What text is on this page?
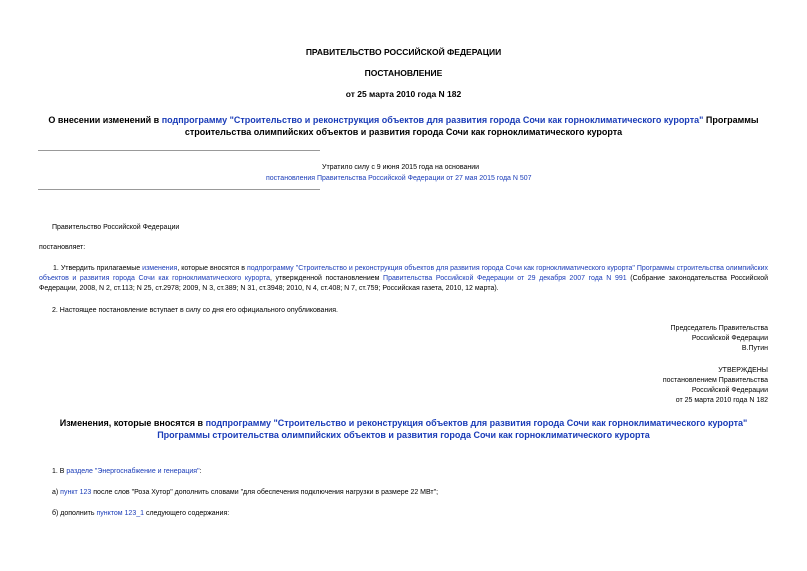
ПРАВИТЕЛЬСТВО РОССИЙСКОЙ ФЕДЕРАЦИИ
ПОСТАНОВЛЕНИЕ
от 25 марта 2010 года N 182
О внесении изменений в подпрограмму "Строительство и реконструкция объектов для развития города Сочи как горноклиматического курорта" Программы
строительства олимпийских объектов и развития города Сочи как горноклиматического курорта
Утратило силу с 9 июня 2015 года на основании
постановления Правительства Российской Федерации от 27 мая 2015 года N 507
Правительство Российской Федерации
постановляет:
1. Утвердить прилагаемые изменения, которые вносятся в подпрограмму "Строительство и реконструкция объектов для развития города Сочи как горноклиматического курорта" Программы строительства олимпийских объектов и развития города Сочи как горноклиматического курорта, утвержденной постановлением Правительства Российской Федерации от 29 декабря 2007 года N 991 (Собрание законодательства Российской Федерации, 2008, N 2, ст.113; N 25, ст.2978; 2009, N 3, ст.389; N 31, ст.3948; 2010, N 4, ст.408; N 7, ст.759; Российская газета, 2010, 12 марта).
2. Настоящее постановление вступает в силу со дня его официального опубликования.
Председатель Правительства
Российской Федерации
В.Путин
УТВЕРЖДЕНЫ
постановлением Правительства
Российской Федерации
от 25 марта 2010 года N 182
Изменения, которые вносятся в подпрограмму "Строительство и реконструкция объектов для развития города Сочи как горноклиматического курорта"
Программы строительства олимпийских объектов и развития города Сочи как горноклиматического курорта
1. В разделе "Энергоснабжение и генерация":
а) пункт 123 после слов "Роза Хутор" дополнить словами "для обеспечения подключения нагрузки в размере 22 МВт";
б) дополнить пунктом 123_1 следующего содержания:
